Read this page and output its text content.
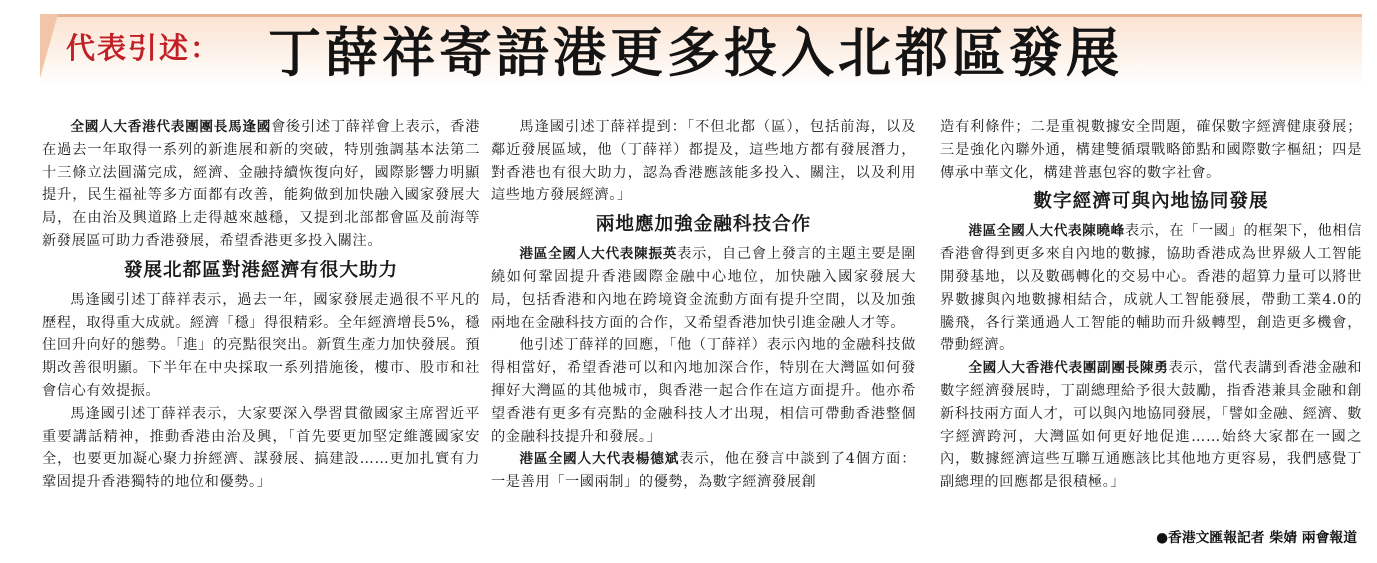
代表引述： 丁薛祥寄語港更多投入北都區發展

全國人大香港代表團團長馬逢國會後引述丁薛祥會上表示，香港在過去一年取得一系列的新進展和新的突破，特別強調基本法第二十三條立法圓滿完成，經濟、金融持續恢復向好，國際影響力明顯提升，民生福祉等多方面都有改善，能夠做到加快融入國家發展大局，在由治及興道路上走得越來越穩，又提到北部都會區及前海等新發展區可助力香港發展，希望香港更多投入關注。

發展北都區對港經濟有很大助力

馬逢國引述丁薛祥表示，過去一年，國家發展走過很不平凡的歷程，取得重大成就。經濟「穩」得很精彩。全年經濟增長5%，穩住回升向好的態勢。「進」的亮點很突出。新質生產力加快發展。預期改善很明顯。下半年在中央採取一系列措施後，樓市、股市和社會信心有效提振。

馬逢國引述丁薛祥表示，大家要深入學習貫徹國家主席習近平重要講話精神，推動香港由治及興，「首先要更加堅定維護國家安全，也要更加凝心聚力拚經濟、謀發展、搞建設……更加扎實有力鞏固提升香港獨特的地位和優勢。」

馬逢國引述丁薛祥提到：「不但北都（區），包括前海，以及鄰近發展區域，他（丁薛祥）都提及，這些地方都有發展潛力，對香港也有很大助力，認為香港應該能多投入、關注，以及利用這些地方發展經濟。」

兩地應加強金融科技合作

港區全國人大代表陳振英表示，自己會上發言的主題主要是圍繞如何鞏固提升香港國際金融中心地位，加快融入國家發展大局，包括香港和內地在跨境資金流動方面有提升空間，以及加強兩地在金融科技方面的合作，又希望香港加快引進金融人才等。

他引述丁薛祥的回應，「他（丁薛祥）表示內地的金融科技做得相當好，希望香港可以和內地加深合作，特別在大灣區如何發揮好大灣區的其他城市，與香港一起合作在這方面提升。他亦希望香港有更多有亮點的金融科技人才出現，相信可帶動香港整個的金融科技提升和發展。」

港區全國人大代表楊德斌表示，他在發言中談到了4個方面：一是善用「一國兩制」的優勢，為數字經濟發展創

造有利條件；二是重視數據安全問題，確保數字經濟健康發展；三是強化內聯外通，構建雙循環戰略節點和國際數字樞紐；四是傳承中華文化，構建普惠包容的數字社會。

數字經濟可與內地協同發展

港區全國人大代表陳曉峰表示，在「一國」的框架下，他相信香港會得到更多來自內地的數據，協助香港成為世界級人工智能開發基地，以及數碼轉化的交易中心。香港的超算力量可以將世界數據與內地數據相結合，成就人工智能發展，帶動工業4.0的騰飛，各行業通過人工智能的輔助而升級轉型，創造更多機會，帶動經濟。

全國人大香港代表團副團長陳勇表示，當代表講到香港金融和數字經濟發展時，丁副總理給予很大鼓勵，指香港兼具金融和創新科技兩方面人才，可以與內地協同發展，「譬如金融、經濟、數字經濟跨河，大灣區如何更好地促進……始終大家都在一國之內，數據經濟這些互聯互通應該比其他地方更容易，我們感覺丁副總理的回應都是很積極。」

●香港文匯報記者 柴婧 兩會報道
